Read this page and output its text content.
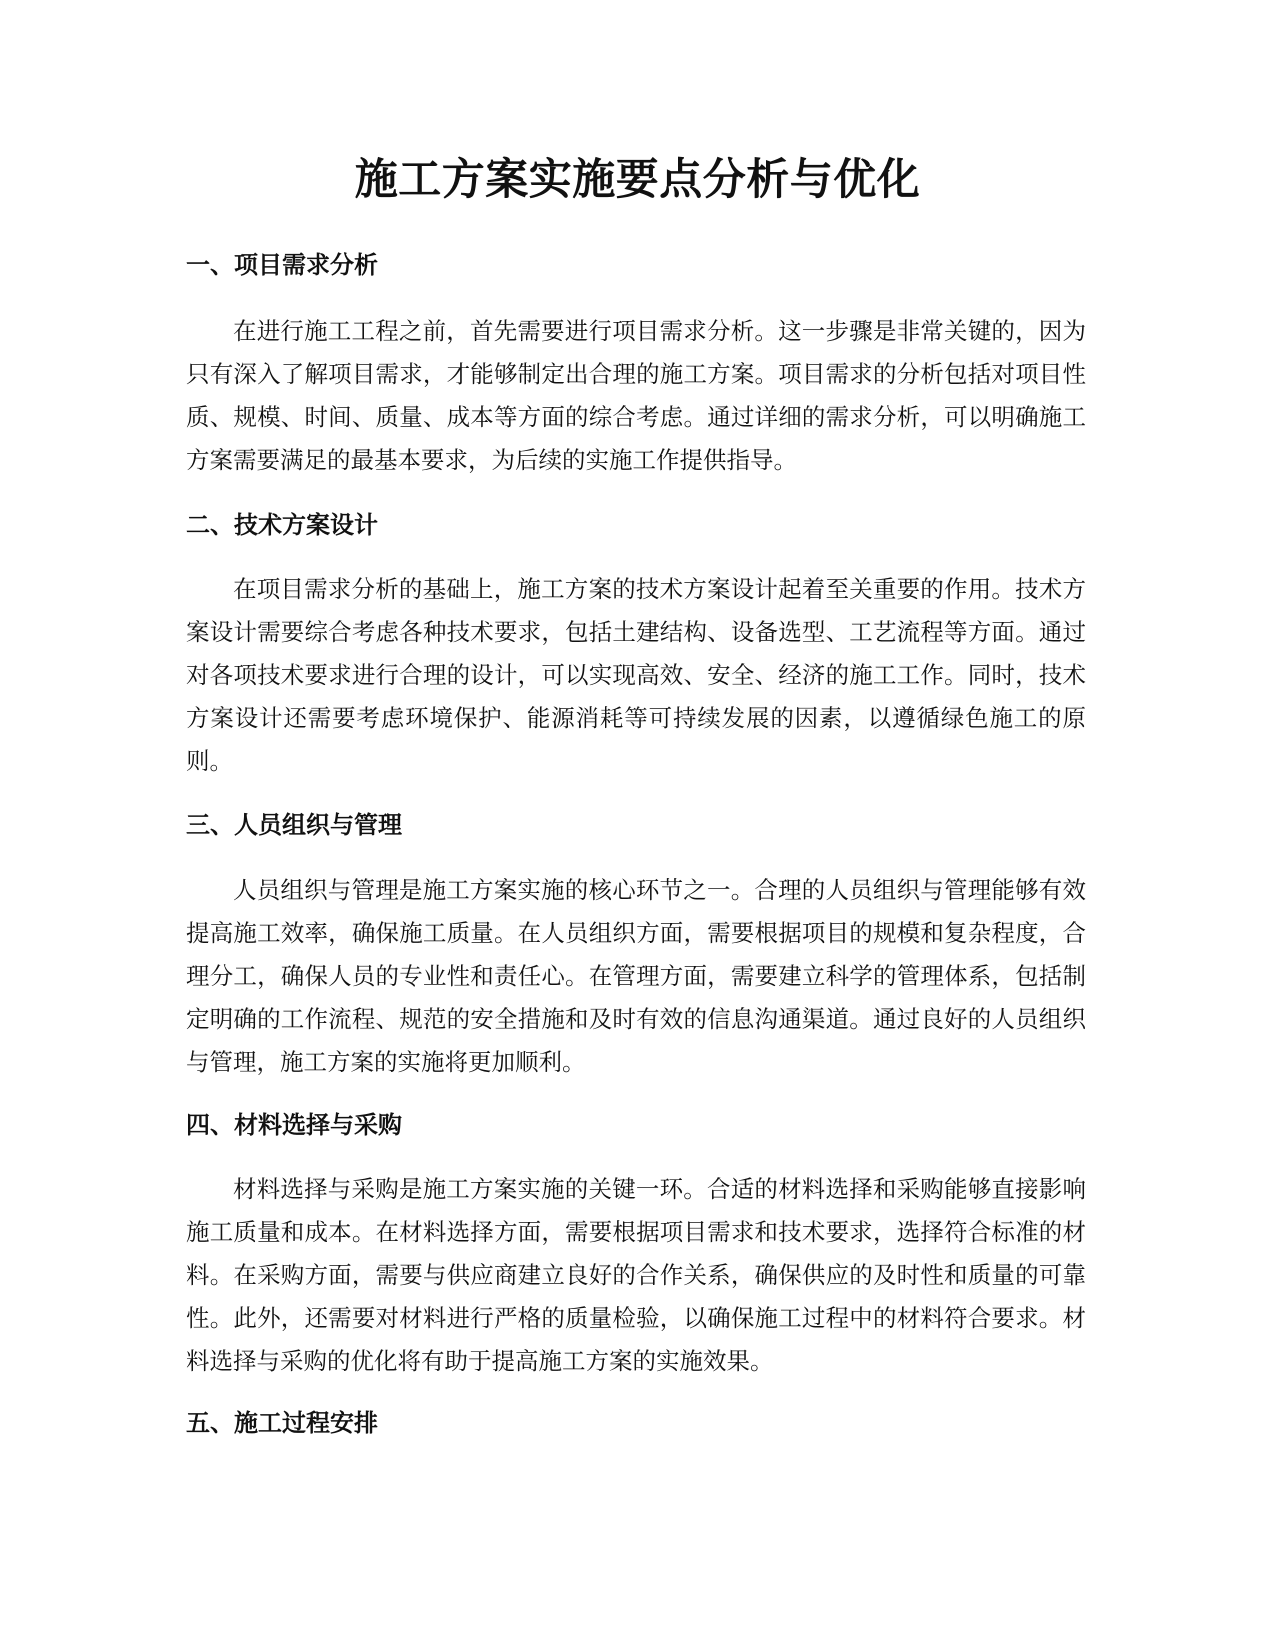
施工方案实施要点分析与优化
一、项目需求分析

在进行施工工程之前，首先需要进行项目需求分析。这一步骤是非常关键的，因为只有深入了解项目需求，才能够制定出合理的施工方案。项目需求的分析包括对项目性质、规模、时间、质量、成本等方面的综合考虑。通过详细的需求分析，可以明确施工方案需要满足的最基本要求，为后续的实施工作提供指导。

二、技术方案设计

在项目需求分析的基础上，施工方案的技术方案设计起着至关重要的作用。技术方案设计需要综合考虑各种技术要求，包括土建结构、设备选型、工艺流程等方面。通过对各项技术要求进行合理的设计，可以实现高效、安全、经济的施工工作。同时，技术方案设计还需要考虑环境保护、能源消耗等可持续发展的因素，以遵循绿色施工的原则。

三、人员组织与管理

人员组织与管理是施工方案实施的核心环节之一。合理的人员组织与管理能够有效提高施工效率，确保施工质量。在人员组织方面，需要根据项目的规模和复杂程度，合理分工，确保人员的专业性和责任心。在管理方面，需要建立科学的管理体系，包括制定明确的工作流程、规范的安全措施和及时有效的信息沟通渠道。通过良好的人员组织与管理，施工方案的实施将更加顺利。

四、材料选择与采购

材料选择与采购是施工方案实施的关键一环。合适的材料选择和采购能够直接影响施工质量和成本。在材料选择方面，需要根据项目需求和技术要求，选择符合标准的材料。在采购方面，需要与供应商建立良好的合作关系，确保供应的及时性和质量的可靠性。此外，还需要对材料进行严格的质量检验，以确保施工过程中的材料符合要求。材料选择与采购的优化将有助于提高施工方案的实施效果。

五、施工过程安排
